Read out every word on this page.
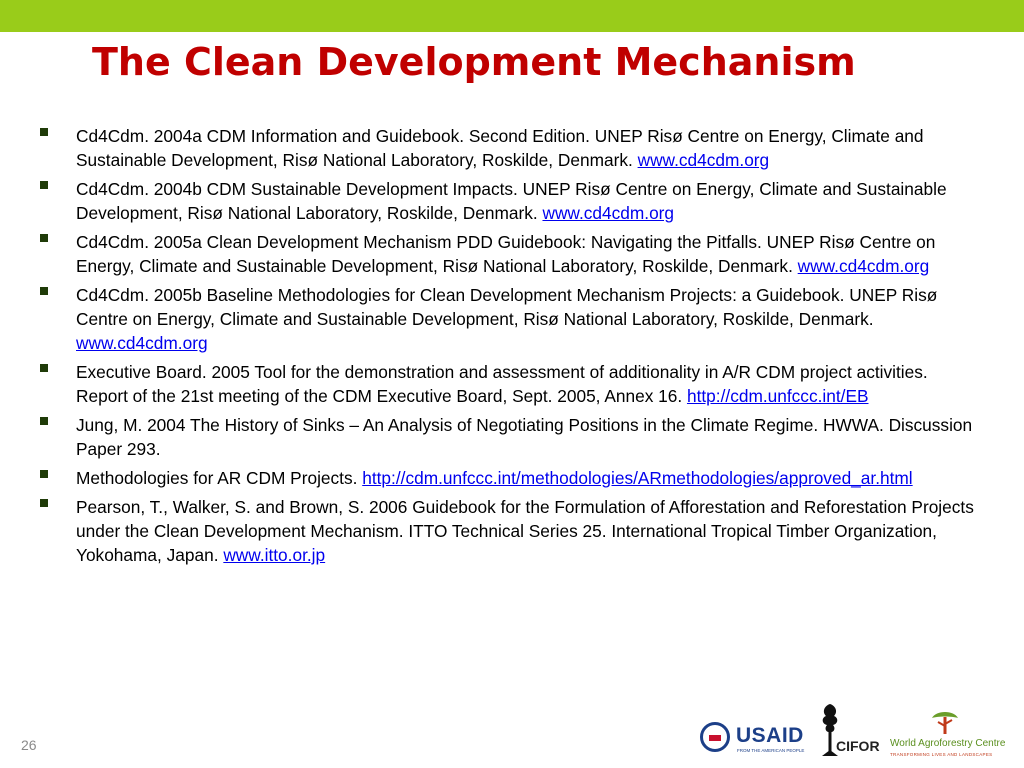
The Clean Development Mechanism
Cd4Cdm. 2004a CDM Information and Guidebook. Second Edition. UNEP Risø Centre on Energy, Climate and Sustainable Development, Risø National Laboratory, Roskilde, Denmark. www.cd4cdm.org
Cd4Cdm. 2004b CDM Sustainable Development Impacts. UNEP Risø Centre on Energy, Climate and Sustainable Development, Risø National Laboratory, Roskilde, Denmark. www.cd4cdm.org
Cd4Cdm. 2005a Clean Development Mechanism PDD Guidebook: Navigating the Pitfalls. UNEP Risø Centre on Energy, Climate and Sustainable Development, Risø National Laboratory, Roskilde, Denmark. www.cd4cdm.org
Cd4Cdm. 2005b Baseline Methodologies for Clean Development Mechanism Projects: a Guidebook. UNEP Risø Centre on Energy, Climate and Sustainable Development, Risø National Laboratory, Roskilde, Denmark. www.cd4cdm.org
Executive Board. 2005 Tool for the demonstration and assessment of additionality in A/R CDM project activities. Report of the 21st meeting of the CDM Executive Board, Sept. 2005, Annex 16. http://cdm.unfccc.int/EB
Jung, M. 2004 The History of Sinks – An Analysis of Negotiating Positions in the Climate Regime. HWWA. Discussion Paper 293.
Methodologies for AR CDM Projects. http://cdm.unfccc.int/methodologies/ARmethodologies/approved_ar.html
Pearson, T., Walker, S. and Brown, S. 2006 Guidebook for the Formulation of Afforestation and Reforestation Projects under the Clean Development Mechanism. ITTO Technical Series 25. International Tropical Timber Organization, Yokohama, Japan. www.itto.or.jp
26	USAID
FROM THE AMERICAN PEOPLE CIFOR World Agroforestry Centre
TRANSFORMING LIVES AND LANDSCAPES
